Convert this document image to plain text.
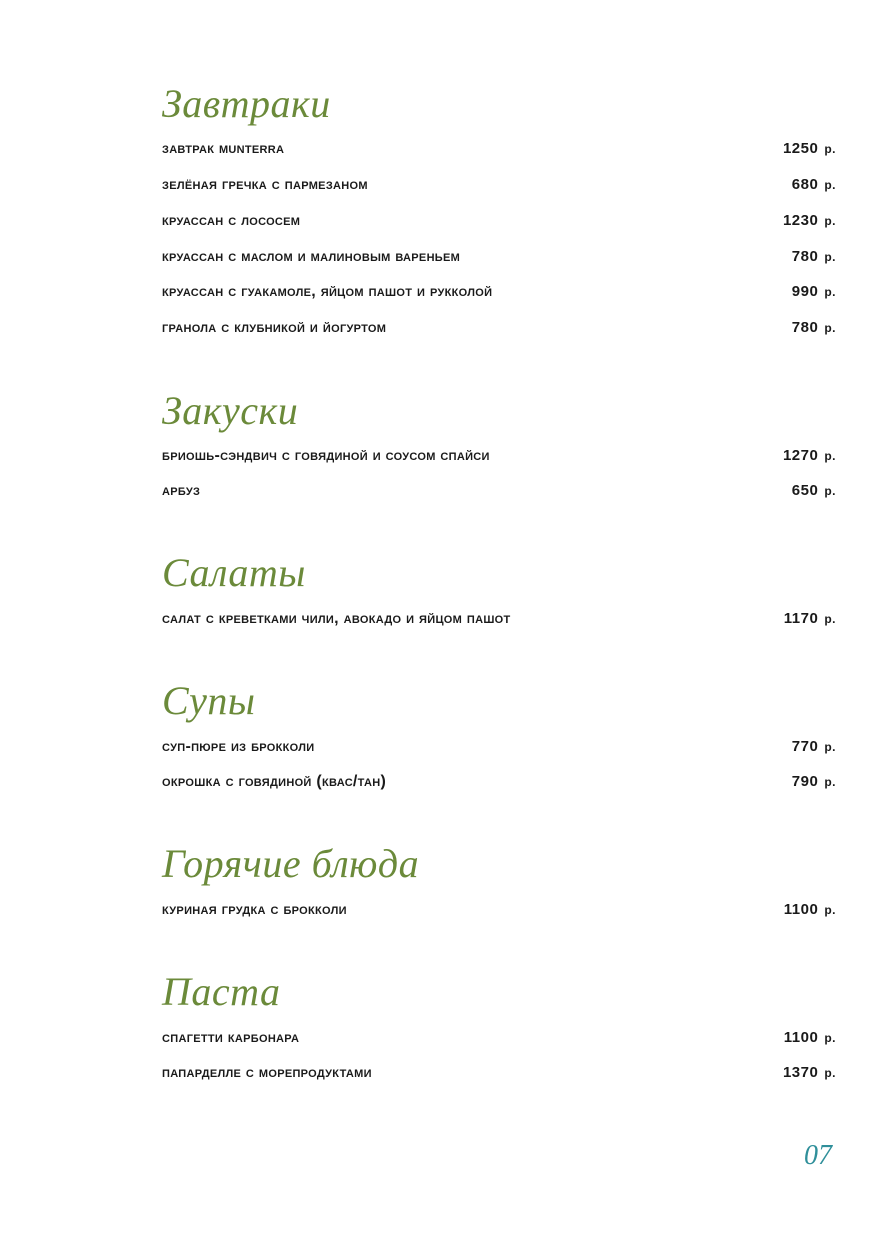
Завтраки
завтрак munterra	1250 р.
зелёная гречка с пармезаном	680 р.
круассан с лососем	1230 р.
круассан с маслом и малиновым вареньем	780 р.
круассан с гуакамоле, яйцом пашот и рукколой	990 р.
гранола с клубникой и йогуртом	780 р.
Закуски
бриошь-сэндвич с говядиной и соусом спайси	1270 р.
арбуз	650 р.
Салаты
салат с креветками чили, авокадо и яйцом пашот	1170 р.
Супы
суп-пюре из брокколи	770 р.
окрошка с говядиной (квас/тан)	790 р.
Горячие блюда
куриная грудка с брокколи	1100 р.
Паста
спагетти карбонара	1100 р.
папарделле с морепродуктами	1370 р.
07
